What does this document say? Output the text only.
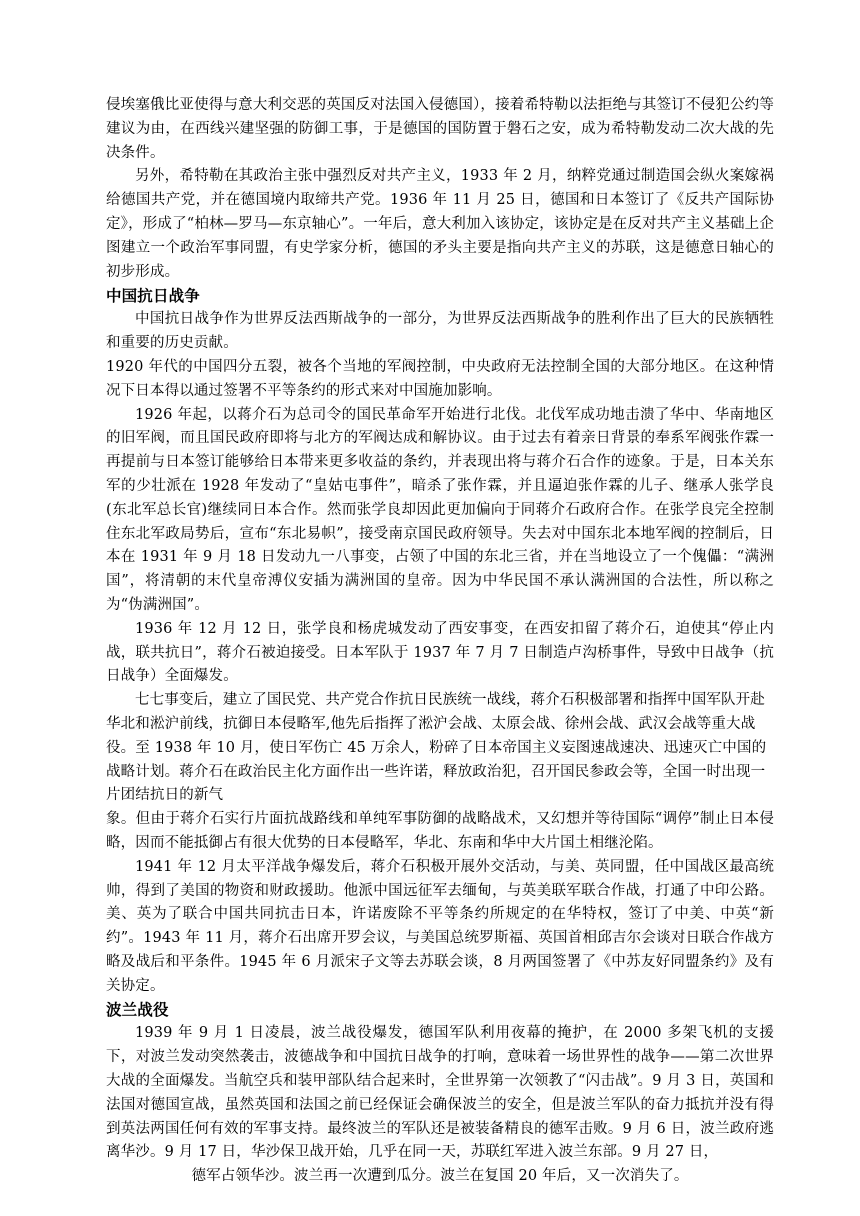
侵埃塞俄比亚使得与意大利交恶的英国反对法国入侵德国），接着希特勒以法拒绝与其签订不侵犯公约等建议为由，在西线兴建坚强的防御工事，于是德国的国防置于磐石之安，成为希特勒发动二次大战的先决条件。

另外，希特勒在其政治主张中强烈反对共产主义，1933 年 2 月，纳粹党通过制造国会纵火案嫁祸给德国共产党，并在德国境内取缔共产党。1936 年 11 月 25 日，德国和日本签订了《反共产国际协定》，形成了“柏林—罗马—东京轴心”。一年后，意大利加入该协定，该协定是在反对共产主义基础上企图建立一个政治军事同盟，有史学家分析，德国的矛头主要是指向共产主义的苏联，这是德意日轴心的初步形成。

中国抗日战争

中国抗日战争作为世界反法西斯战争的一部分，为世界反法西斯战争的胜利作出了巨大的民族牺牲和重要的历史贡献。

1920 年代的中国四分五裂，被各个当地的军阀控制，中央政府无法控制全国的大部分地区。在这种情况下日本得以通过签署不平等条约的形式来对中国施加影响。

1926 年起，以蒋介石为总司令的国民革命军开始进行北伐。北伐军成功地击溃了华中、华南地区的旧军阀，而且国民政府即将与北方的军阀达成和解协议。由于过去有着亲日背景的奉系军阀张作霖一再提前与日本签订能够给日本带来更多收益的条约，并表现出将与蒋介石合作的迹象。于是，日本关东军的少壮派在 1928 年发动了“皇姑屯事件”，暗杀了张作霖，并且逼迫张作霖的儿子、继承人张学良(东北军总长官)继续同日本合作。然而张学良却因此更加偏向于同蒋介石政府合作。在张学良完全控制住东北军政局势后，宣布“东北易帜”，接受南京国民政府领导。失去对中国东北本地军阀的控制后，日本在 1931 年 9 月 18 日发动九一八事变，占领了中国的东北三省，并在当地设立了一个傀儡：“满洲国”，将清朝的末代皇帝溥仪安插为满洲国的皇帝。因为中华民国不承认满洲国的合法性，所以称之为“伪满洲国”。

1936 年 12 月 12 日，张学良和杨虎城发动了西安事变，在西安扣留了蒋介石，迫使其“停止内战，联共抗日”，蒋介石被迫接受。日本军队于 1937 年 7 月 7 日制造卢沟桥事件，导致中日战争（抗日战争）全面爆发。

七七事变后，建立了国民党、共产党合作抗日民族统一战线，蒋介石积极部署和指挥中国军队开赴华北和淞沪前线，抗御日本侵略军,他先后指挥了淞沪会战、太原会战、徐州会战、武汉会战等重大战役。至 1938 年 10 月，使日军伤亡 45 万余人，粉碎了日本帝国主义妄图速战速决、迅速灭亡中国的战略计划。蒋介石在政治民主化方面作出一些许诺，释放政治犯，召开国民参政会等，全国一时出现一片团结抗日的新气

象。但由于蒋介石实行片面抗战路线和单纯军事防御的战略战术，又幻想并等待国际“调停”制止日本侵略，因而不能抵御占有很大优势的日本侵略军，华北、东南和华中大片国土相继沦陷。

1941 年 12 月太平洋战争爆发后，蒋介石积极开展外交活动，与美、英同盟，任中国战区最高统帅，得到了美国的物资和财政援助。他派中国远征军去缅甸，与英美联军联合作战，打通了中印公路。美、英为了联合中国共同抗击日本，许诺废除不平等条约所规定的在华特权，签订了中美、中英“新约”。1943 年 11 月，蒋介石出席开罗会议，与美国总统罗斯福、英国首相邱吉尔会谈对日联合作战方略及战后和平条件。1945 年 6 月派宋子文等去苏联会谈，8 月两国签署了《中苏友好同盟条约》及有关协定。

波兰战役

1939 年 9 月 1 日凌晨，波兰战役爆发，德国军队利用夜幕的掩护，在 2000 多架飞机的支援下，对波兰发动突然袭击，波德战争和中国抗日战争的打响，意味着一场世界性的战争——第二次世界大战的全面爆发。当航空兵和装甲部队结合起来时，全世界第一次领教了“闪击战”。9 月 3 日，英国和法国对德国宣战，虽然英国和法国之前已经保证会确保波兰的安全，但是波兰军队的奋力抵抗并没有得到英法两国任何有效的军事支持。最终波兰的军队还是被装备精良的德军击败。9 月 6 日，波兰政府逃离华沙。9 月 17 日，华沙保卫战开始，几乎在同一天，苏联红军进入波兰东部。9 月 27 日，

德军占领华沙。波兰再一次遭到瓜分。波兰在复国 20 年后，又一次消失了。
